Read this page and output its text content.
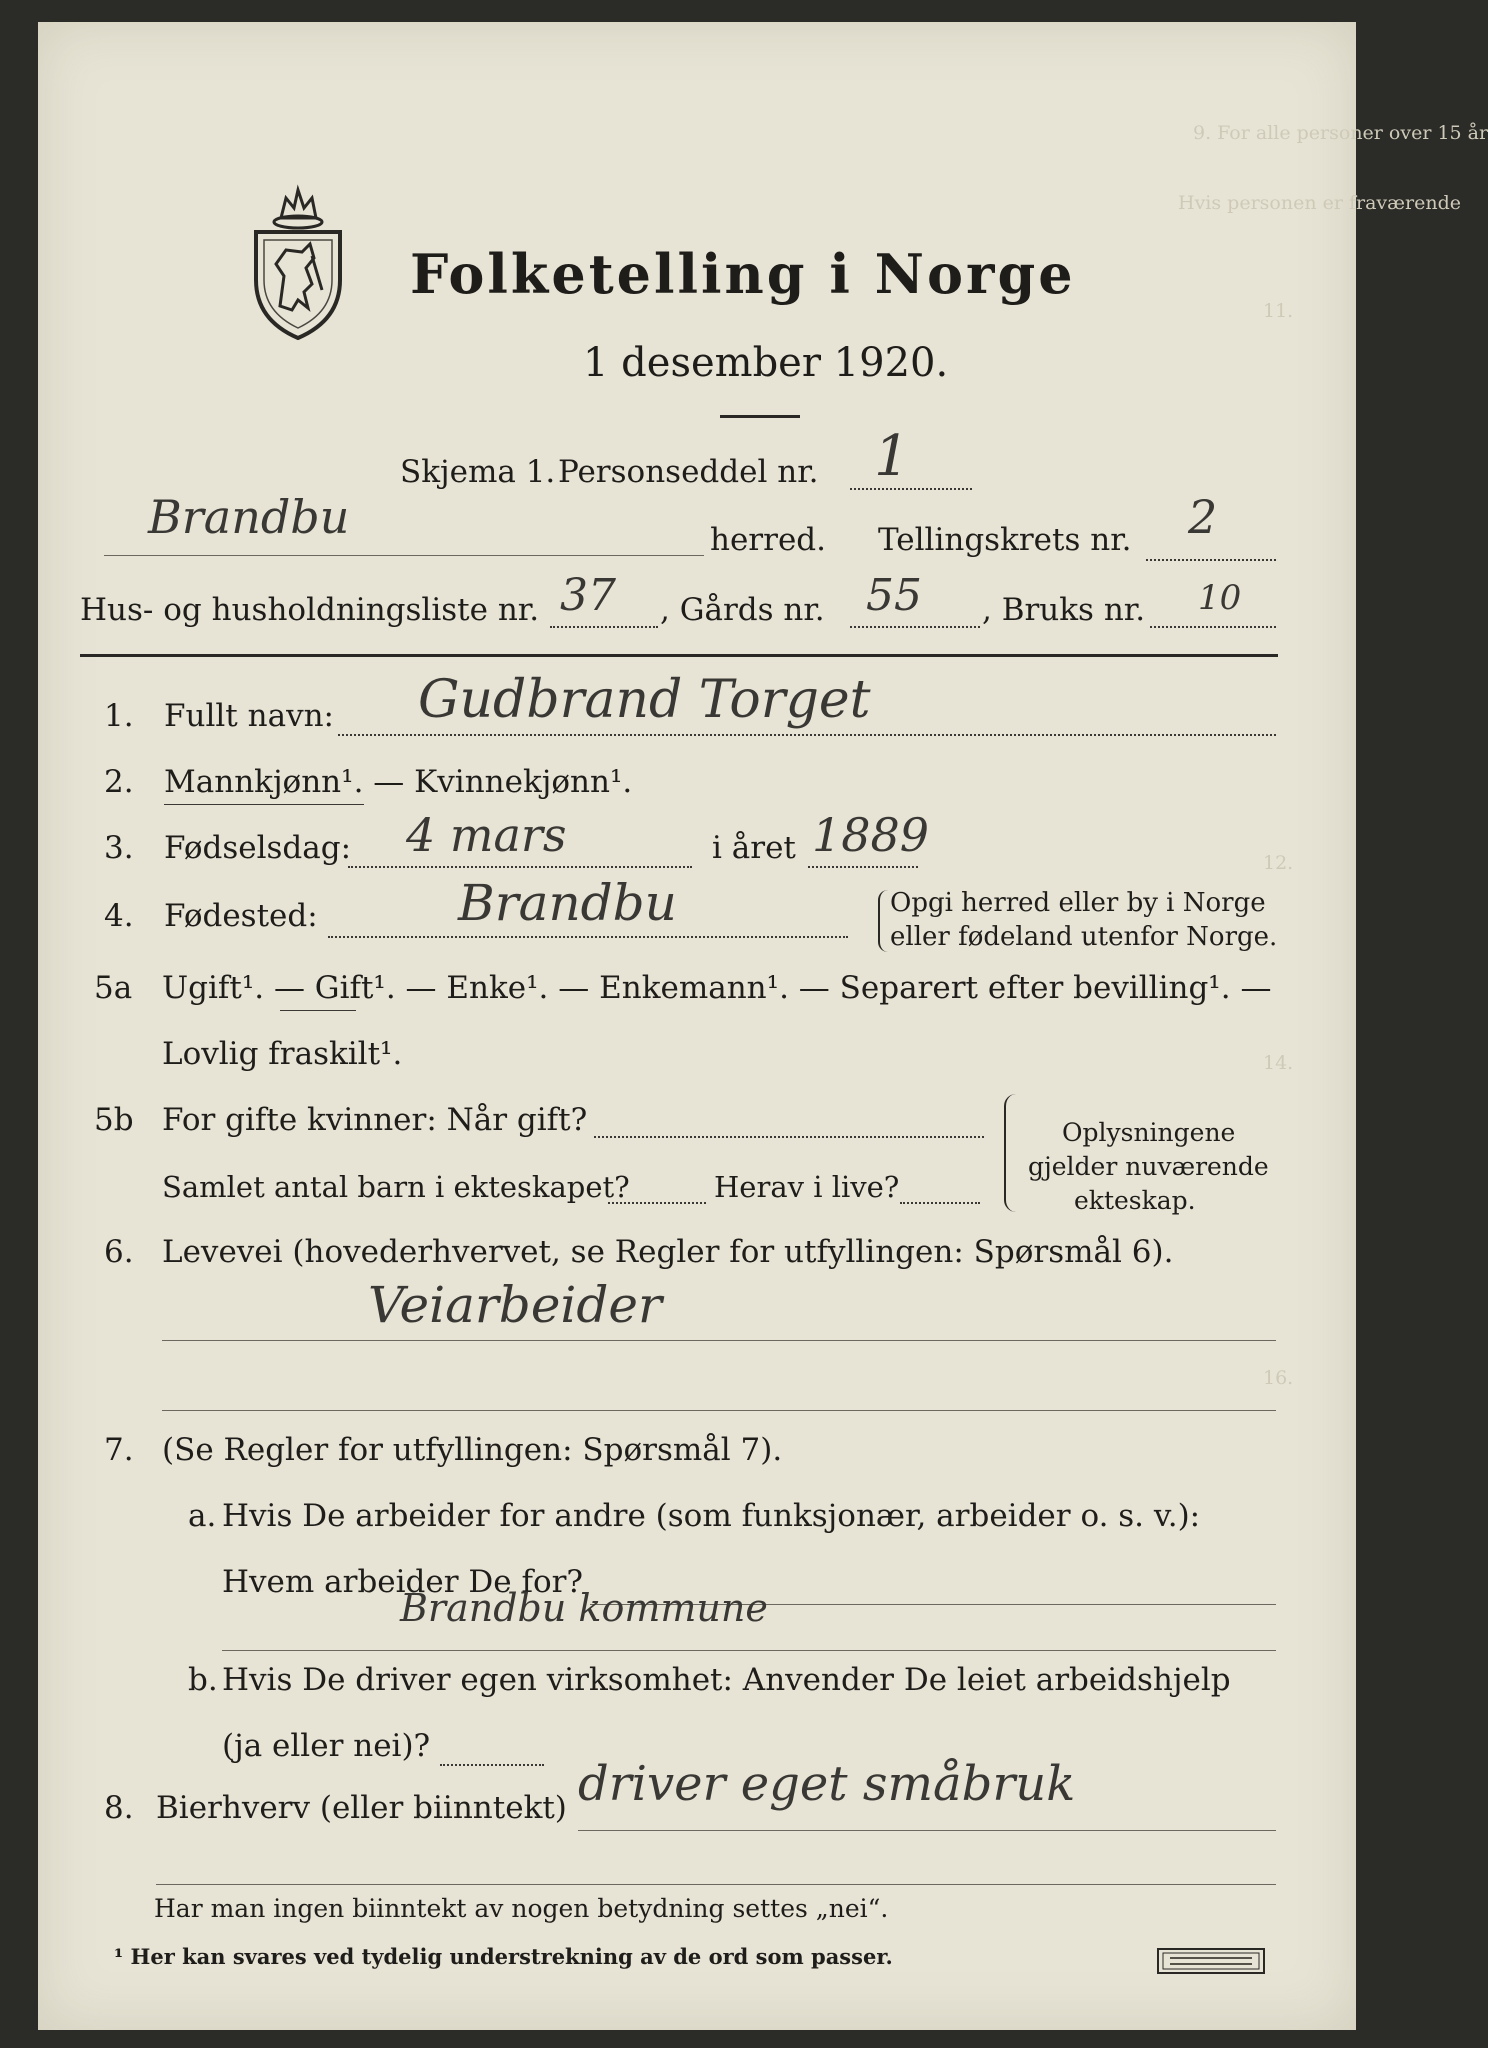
9. For alle personer over 15 år
Hvis personen er fraværende
11.
12.
14.
16.
Folketelling i Norge
1 desember 1920.
Skjema 1. Personseddel nr. 1
Brandbu	herred. Tellingskrets nr. 2
Hus- og husholdningsliste nr. 37 , Gårds nr. 55 , Bruks nr. 10
1. Fullt navn: Gudbrand Torget
2. Mannkjønn¹. — Kvinnekjønn¹.
3. Fødselsdag: 4 mars	i året 1889
4. Fødested:	Brandbu	Opgi herred eller by i Norge
eller fødeland utenfor Norge.
5a Ugift¹. — Gift¹. — Enke¹. — Enkemann¹. — Separert efter bevilling¹. —
Lovlig fraskilt¹.
5b For gifte kvinner: Når gift?
Samlet antal barn i ekteskapet?	Herav i live?
Oplysningene
gjelder nuværende
ekteskap.
6. Levevei (hovederhvervet, se Regler for utfyllingen: Spørsmål 6).
Veiarbeider
7. (Se Regler for utfyllingen: Spørsmål 7).
a. Hvis De arbeider for andre (som funksjonær, arbeider o. s. v.):
Hvem arbeider De for?
Brandbu kommune
b. Hvis De driver egen virksomhet: Anvender De leiet arbeidshjelp
(ja eller nei)?
8. Bierhverv (eller biinntekt) driver eget småbruk
Har man ingen biinntekt av nogen betydning settes „nei“.
¹ Her kan svares ved tydelig understrekning av de ord som passer.
